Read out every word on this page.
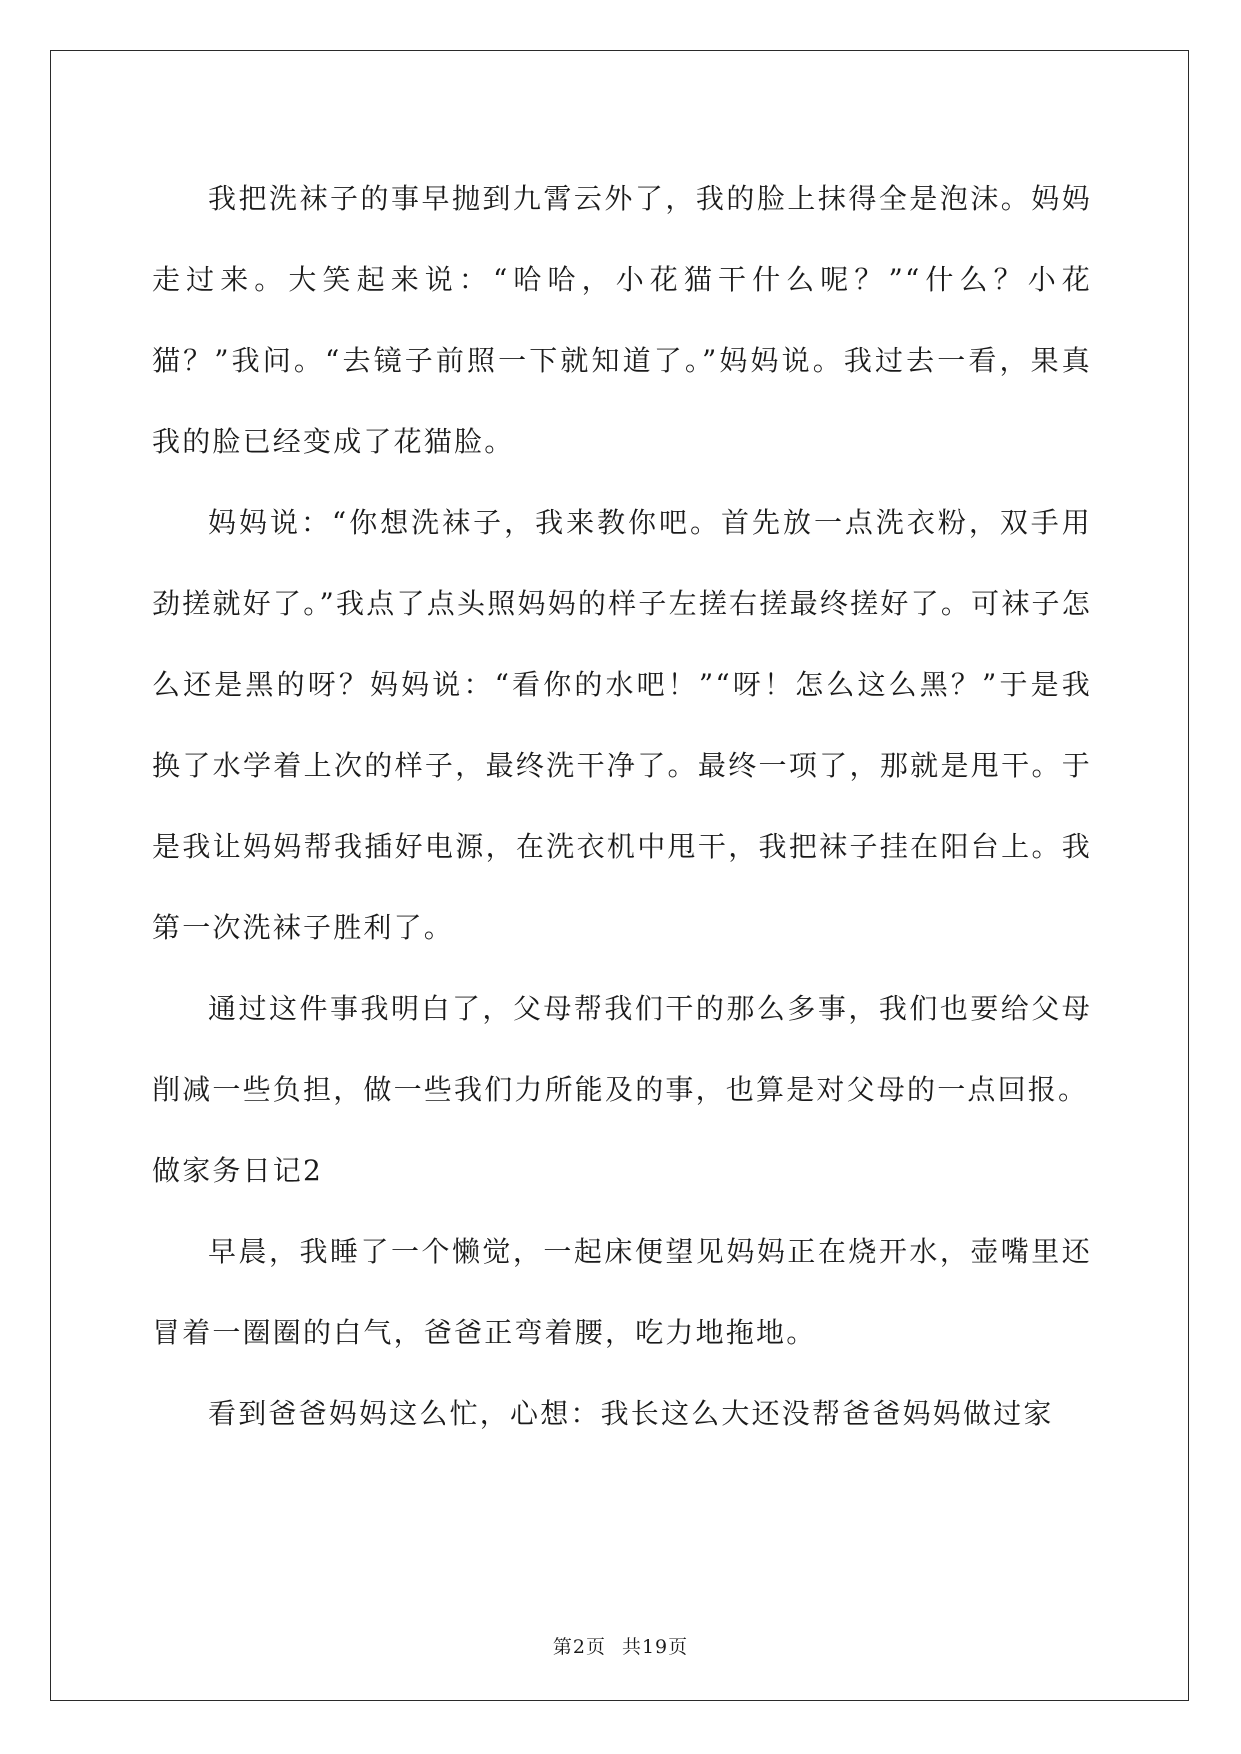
我把洗袜子的事早抛到九霄云外了，我的脸上抹得全是泡沫。妈妈走过来。大笑起来说：“哈哈，小花猫干什么呢？”“什么？小花猫？”我问。“去镜子前照一下就知道了。”妈妈说。我过去一看，果真我的脸已经变成了花猫脸。

妈妈说：“你想洗袜子，我来教你吧。首先放一点洗衣粉，双手用劲搓就好了。”我点了点头照妈妈的样子左搓右搓最终搓好了。可袜子怎么还是黑的呀？妈妈说：“看你的水吧！”“呀！怎么这么黑？”于是我换了水学着上次的样子，最终洗干净了。最终一项了，那就是甩干。于是我让妈妈帮我插好电源，在洗衣机中甩干，我把袜子挂在阳台上。我第一次洗袜子胜利了。

通过这件事我明白了，父母帮我们干的那么多事，我们也要给父母削减一些负担，做一些我们力所能及的事，也算是对父母的一点回报。

做家务日记2

早晨，我睡了一个懒觉，一起床便望见妈妈正在烧开水，壶嘴里还冒着一圈圈的白气，爸爸正弯着腰，吃力地拖地。

看到爸爸妈妈这么忙，心想：我长这么大还没帮爸爸妈妈做过家

第2页 共19页
